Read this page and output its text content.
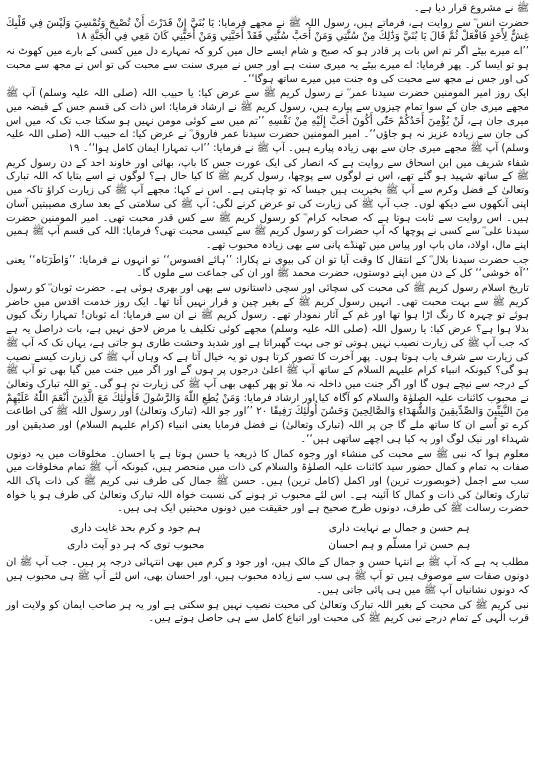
ﷺ نے مشروع قرار دیا ہے۔

حضرت انس ؓ سے روایت ہے، فرماتے ہیں، رسول اللہ ﷺ نے مجھے فرمایا: يَا بُنَيَّ إِنْ قَدَرْتَ أَنْ تُصْبِحَ وَتُمْسِيَ وَلَيْسَ فِي قَلْبِكَ غِشٌّ لِأَحَدٍ فَافْعَلْ ثُمَّ قَالَ يَا بُنَيَّ وَذَٰلِكَ مِنْ سُنَّتِي وَمَنْ أَحَبَّ سُنَّتِي فَقَدْ أَحَبَّنِي وَمَنْ أَحَبَّنِي كَانَ مَعِي فِي الْجَنَّةِ ۱۸

’’اے میرے بیٹے اگر تم اس بات پر قادر ہو کہ صبح و شام ایسے حال میں کرو کہ تمہارے دل میں کسی کے بارے میں کھوٹ نہ ہو تو ایسا کر۔ پھر فرمایا: اے میرے بیٹے یہ میری سنت ہے اور جس نے میری سنت سے محبت کی تو اس نے مجھ سے محبت کی اور جس نے مجھ سے محبت کی وہ جنت میں میرے ساتھ ہوگا‘‘۔

ایک روز امیر المومنین حضرت سیدنا عمر ؓ نے رسول کریم ﷺ سے عرض کیا: یا حبیب اللہ (صلی اللہ علیہ وسلم) آپ ﷺ مجھے میری جان کے سوا تمام چیزوں سے پیارے ہیں، رسول کریم ﷺ نے ارشاد فرمایا: اس ذات کی قسم جس کے قبضہ میں میری جان ہے، لَنْ يُؤْمِنَ أَحَدُكُمْ حَتّٰى أَكُونَ أَحَبَّ إِلَيْهِ مِنْ نَفْسِهِ ’’تم میں سے کوئی مومن نہیں ہو سکتا جب تک کہ میں اس کی جان سے زیادہ عزیز نہ ہو جاؤں‘‘۔ امیر المومنین حضرت سیدنا عمر فاروق ؓ نے عرض کیا: اے حبیب اللہ (صلی اللہ علیہ وسلم) آپ ﷺ مجھے میری جان سے بھی زیادہ پیارے ہیں۔ آپ ﷺ نے فرمایا: ’’اب تمہارا ایمان کامل ہوا‘‘۔ ۱۹

شفاء شریف میں ابن اسحاق سے روایت ہے کہ انصار کی ایک عورت جس کا باپ، بھائی اور خاوند احد کے دن رسول کریم ﷺ کے ساتھ شہید ہو گئے تھے، اس نے لوگوں سے پوچھا، رسول کریم ﷺ کا کیا حال ہے؟ لوگوں نے اسے بتایا کہ اللہ تبارک وتعالیٰ کے فضل وکرم سے آپ ﷺ بخیریت ہیں جیسا کہ تو چاہتی ہے۔ اس نے کہا: مجھے آپ ﷺ کی زیارت کراؤ تاکہ میں اپنی آنکھوں سے دیکھ لوں۔ جب آپ ﷺ کی زیارت کی تو عرض کرنے لگی: آپ ﷺ کی سلامتی کے بعد ساری مصیبتیں آسان ہیں۔ اس روایت سے ثابت ہوتا ہے کہ صحابہ کرام ؓ کو رسول کریم ﷺ سے کس قدر محبت تھی۔ امیر المومنین حضرت سیدنا علی ؓ سے کسی نے پوچھا کہ آپ حضرات کو رسول کریم ﷺ سے کیسی محبت تھی؟ فرمایا: اللہ کی قسم آپ ﷺ ہمیں اپنے مال، اولاد، ماں باپ اور پیاس میں ٹھنڈے پانی سے بھی زیادہ محبوب تھے۔

جب حضرت سیدنا بلال ؓ کے انتقال کا وقت آیا تو ان کی بیوی نے پکارا: ’’ہائے افسوس‘‘ تو انہوں نے فرمایا: ’’وَاطَرَبَاہ‘‘ یعنی ’’آہ خوشی‘‘ کل کے دن میں اپنے دوستوں، حضرت محمد ﷺ اور ان کی جماعت سے ملوں گا۔

تاریخ اسلام رسول کریم ﷺ کی محبت کی سچائی اور سچی داستانوں سے بھی اور بھری ہوئی ہے۔ حضرت ثوبان ؓ کو رسول کریم ﷺ سے بہت محبت تھی۔ انہیں رسول کریم ﷺ کے بغیر چین و قرار نہیں آتا تھا۔ ایک روز خدمت اقدس میں حاضر ہوئے تو چہرہ کا رنگ اڑا ہوا تھا اور غم کے آثار نمودار تھے۔ رسول کریم ﷺ نے ان سے فرمایا: اے ثوبان! تمہارا رنگ کیوں بدلا ہوا ہے؟ عرض کیا: یا رسول اللہ (صلی اللہ علیہ وسلم) مجھے کوئی تکلیف یا مرض لاحق نہیں ہے، بات دراصل یہ ہے کہ جب آپ ﷺ کی زیارت نصیب نہیں ہوتی تو جی بہت گھبراتا ہے اور شدید وحشت طاری ہو جاتی ہے، یہاں تک کہ آپ ﷺ کی زیارت سے شرف یاب ہوتا ہوں۔ پھر آخرت کا تصور کرتا ہوں تو یہ خیال آتا ہے کہ وہاں آپ ﷺ کی زیارت کیسے نصیب ہو گی؟ کیونکہ انبیاء کرام علیہم السلام کے ساتھ آپ ﷺ اعلیٰ درجوں پر ہوں گے اور اگر میں جنت میں گیا بھی تو آپ ﷺ کے درجہ سے نیچے ہوں گا اور اگر جنت میں داخلہ نہ ملا تو پھر کبھی بھی آپ ﷺ کی زیارت نہ ہو گی۔ تو اللہ تبارک وتعالیٰ نے محبوب کائنات علیہ الصلوٰۃ والسلام کو آگاہ کیا اور ارشاد فرمایا: وَمَنْ يُطِعِ اللّٰهَ وَالرَّسُولَ فَأُولٰئِكَ مَعَ الَّذِينَ أَنْعَمَ اللّٰهُ عَلَيْهِمْ مِنَ النَّبِيِّينَ وَالصِّدِّيقِينَ وَالشُّهَدَاءِ وَالصَّالِحِينَ وَحَسُنَ أُولٰئِكَ رَفِيقًا ۲۰ ’’اور جو اللہ (تبارک وتعالیٰ) اور رسول اللہ ﷺ کی اطاعت کرے تو اُسے ان کا ساتھ ملے گا جن پر اللہ (تبارک وتعالیٰ) نے فضل فرمایا یعنی انبیاء (کرام علیہم السلام) اور صدیقین اور شہداء اور نیک لوگ اور یہ کیا ہی اچھے ساتھی ہیں‘‘۔

معلوم ہوا کہ نبی ﷺ سے محبت کی منشاء اور وجوہ کمال کا ذریعہ یا حسن ہوتا ہے یا احسان۔ مخلوقات میں یہ دونوں صفات بہ تمام و کمال حضور سید کائنات علیہ الصلوٰۃ والسلام کی ذات میں منحصر ہیں، کیونکہ آپ ﷺ تمام مخلوقات میں سب سے اجمل (خوبصورت ترین) اور اکمل (کامل ترین) ہیں۔ حسن ﷺ جمال کی طرف نبی کریم ﷺ کی ذات پاک اللہ تبارک وتعالیٰ کی ذات و کمال کا آئینہ ہے۔ اس لئے محبوب تر ہونے کی نسبت خواہ اللہ تبارک وتعالیٰ کی طرف ہو یا خواہ حضرت رسالت ﷺ کی طرف، دونوں طرح صحیح ہے اور حقیقت میں دونوں محبتیں ایک ہی ہیں۔

ہم حسن و جمال بے نہایت داری
ہم جود و کرم بحد غایت داری
ہم حسن ترا مسلّم و ہم احسان
محبوب توی کہ ہر دو آیت داری

مطلب یہ ہے کہ آپ ﷺ بے انتہا حسن و جمال کے مالک ہیں، اور جود و کرم میں بھی انتہائی درجہ پر ہیں۔ جب آپ ﷺ ان دونوں صفات سے موصوف ہیں تو آپ ﷺ ہی سب سے زیادہ محبوب ہیں، اور احسان بھی، اس لئے آپ ﷺ ہی محبوب ہیں کہ دونوں نشانیاں آپ ﷺ میں ہی پائی جاتی ہیں۔

نبی کریم ﷺ کی محبت کے بغیر اللہ تبارک وتعالیٰ کی محبت نصیب نہیں ہو سکتی ہے اور یہ ہر صاحب ایمان کو ولایت اور قرب الٰہی کے تمام درجے نبی کریم ﷺ کی محبت اور اتباع کامل سے ہی حاصل ہوتے ہیں۔
